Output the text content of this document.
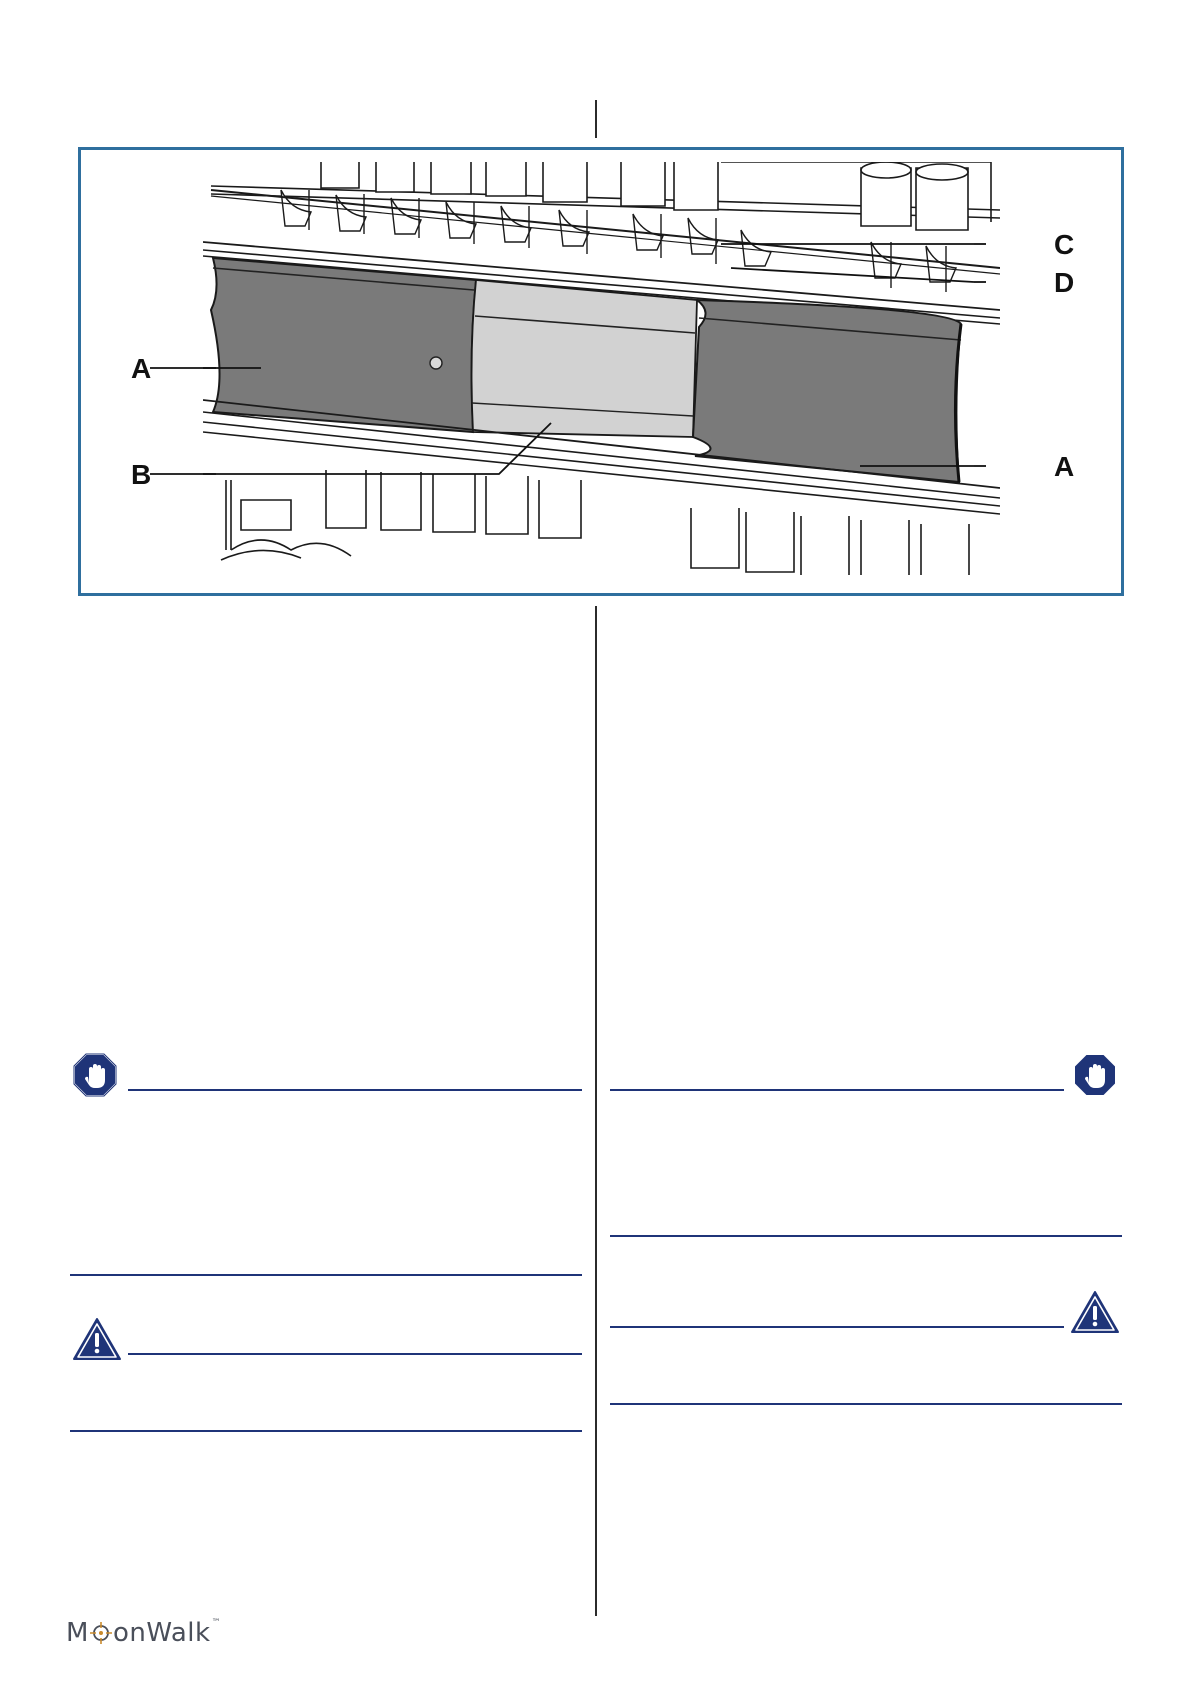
A
B
C
D
A
M onWalk™
